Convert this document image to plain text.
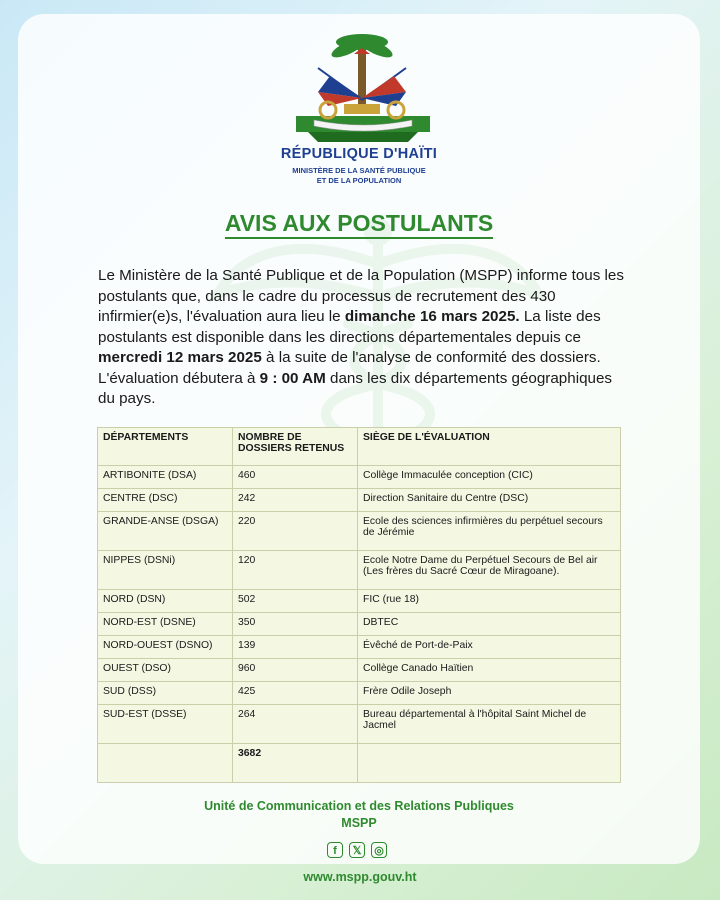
RÉPUBLIQUE D'HAÏTI
MINISTÈRE DE LA SANTÉ PUBLIQUE
ET DE LA POPULATION
AVIS AUX POSTULANTS
Le Ministère de la Santé Publique et de la Population (MSPP) informe tous les postulants que, dans le cadre du processus de recrutement des 430 infirmier(e)s, l'évaluation aura lieu le dimanche 16 mars 2025. La liste des postulants est disponible dans les directions départementales depuis ce mercredi 12 mars 2025 à la suite de l'analyse de conformité des dossiers. L'évaluation débutera à 9 : 00 AM dans les dix départements géographiques du pays.
DÉPARTEMENTS	NOMBRE DE DOSSIERS RETENUS	SIÈGE DE L'ÉVALUATION
ARTIBONITE (DSA)	460	Collège Immaculée conception (CIC)
CENTRE (DSC)	242	Direction Sanitaire du Centre (DSC)
GRANDE-ANSE (DSGA)	220	Ecole des sciences infirmières du perpétuel secours de Jérémie
NIPPES (DSNi)	120	Ecole Notre Dame du Perpétuel Secours de Bel air (Les frères du Sacré Cœur de Miragoane).
NORD (DSN)	502	FIC (rue 18)
NORD-EST (DSNE)	350	DBTEC
NORD-OUEST (DSNO)	139	Évêché de Port-de-Paix
OUEST (DSO)	960	Collège Canado Haïtien
SUD (DSS)	425	Frère Odile Joseph
SUD-EST (DSSE)	264	Bureau départemental à l'hôpital Saint Michel de Jacmel
	3682	
Unité de Communication et des Relations Publiques
MSPP
f	𝕏	◎
www.mspp.gouv.ht
